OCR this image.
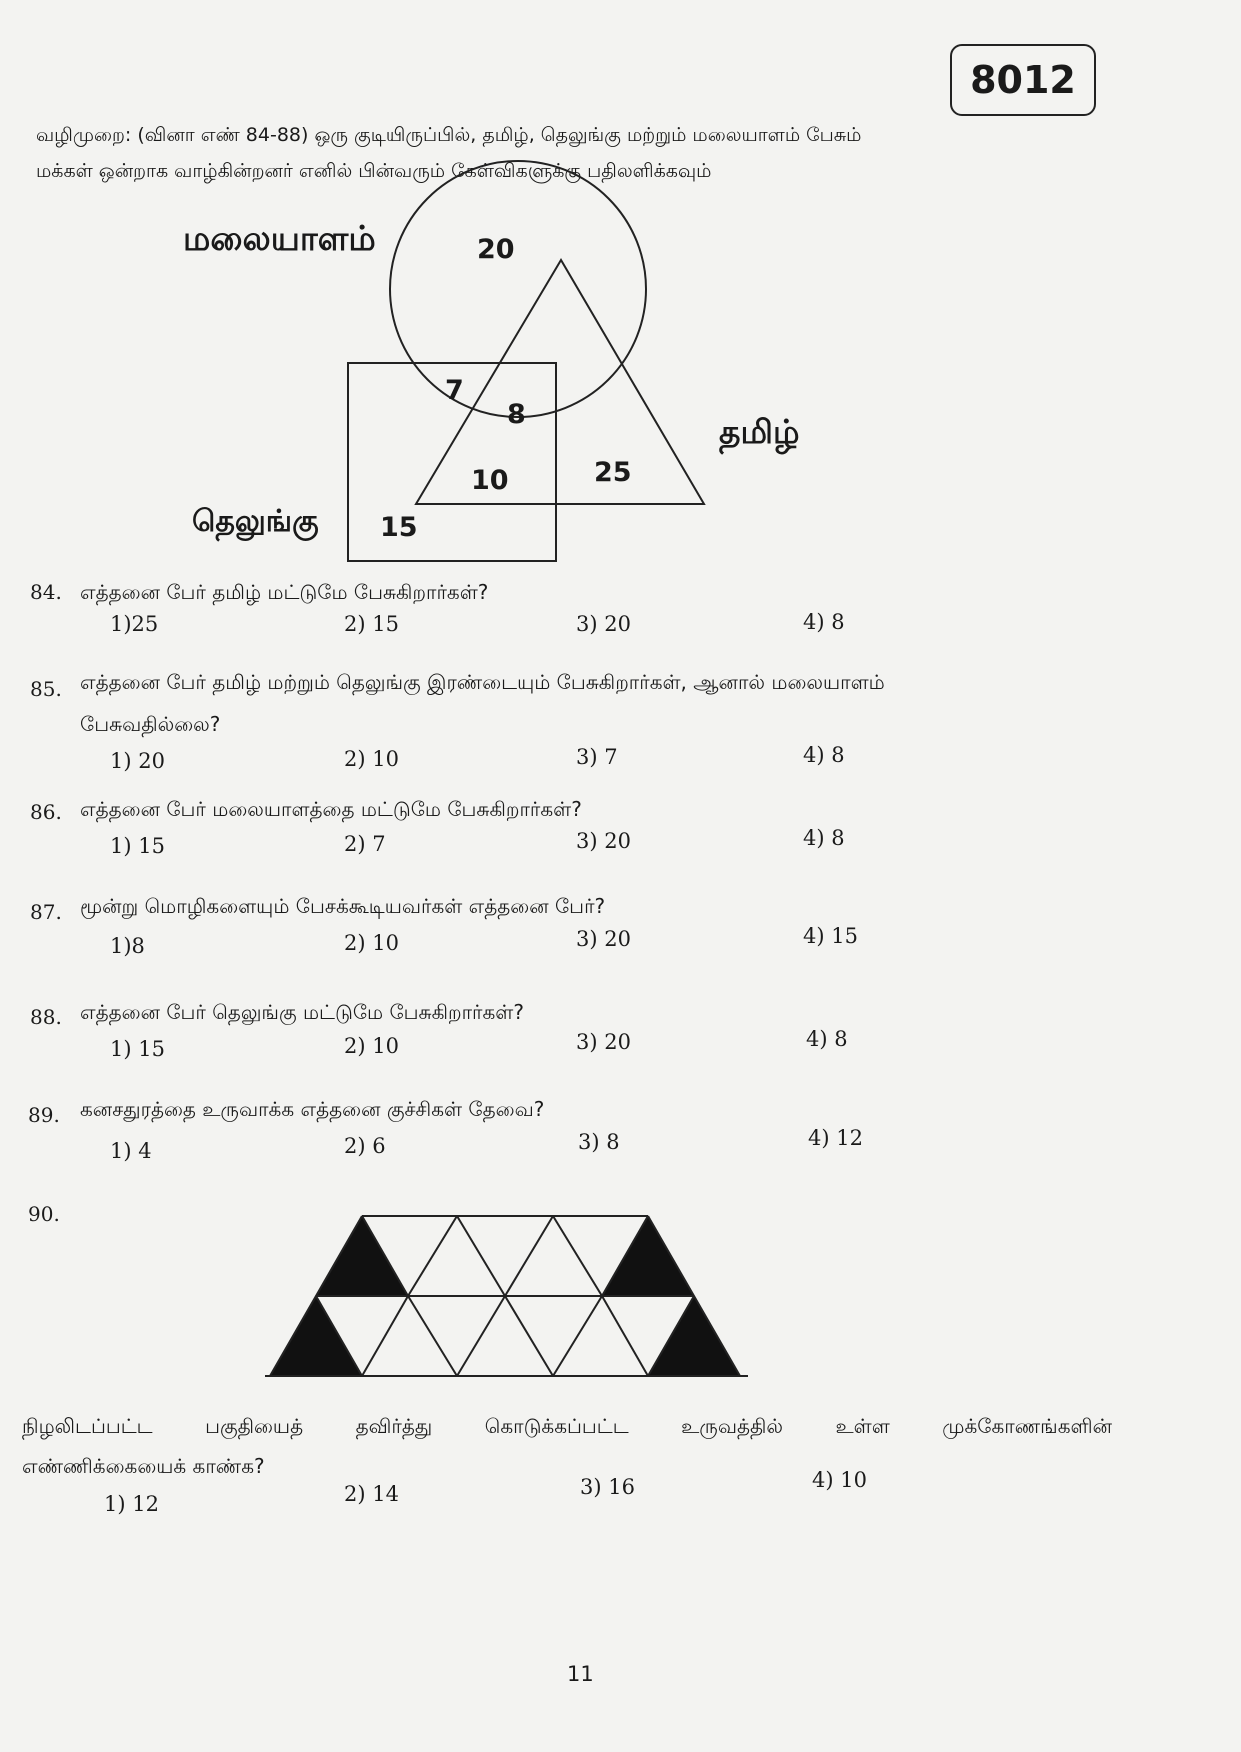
8012
வழிமுறை: (வினா எண் 84-88) ஒரு குடியிருப்பில், தமிழ், தெலுங்கு மற்றும் மலையாளம் பேசும்
மக்கள் ஒன்றாக வாழ்கின்றனர் எனில் பின்வரும் கேள்விகளுக்கு பதிலளிக்கவும்
மலையாளம்
தமிழ்
தெலுங்கு
20
7
8
10	25
15
84. எத்தனை பேர் தமிழ் மட்டுமே பேசுகிறார்கள்?
1)25	2) 15	3) 20	4) 8
85. எத்தனை பேர் தமிழ் மற்றும் தெலுங்கு இரண்டையும் பேசுகிறார்கள், ஆனால் மலையாளம்
பேசுவதில்லை?
1) 20	2) 10	3) 7	4) 8
86. எத்தனை பேர் மலையாளத்தை மட்டுமே பேசுகிறார்கள்?
1) 15	2) 7	3) 20	4) 8
87. மூன்று மொழிகளையும் பேசக்கூடியவர்கள் எத்தனை பேர்?
1)8	2) 10	3) 20	4) 15
88. எத்தனை பேர் தெலுங்கு மட்டுமே பேசுகிறார்கள்?
1) 15	2) 10	3) 20	4) 8
89. கனசதுரத்தை உருவாக்க எத்தனை குச்சிகள் தேவை?
1) 4	2) 6	3) 8	4) 12
90.
நிழலிடப்பட்ட பகுதியைத் தவிர்த்து கொடுக்கப்பட்ட உருவத்தில் உள்ள முக்கோணங்களின்
எண்ணிக்கையைக் காண்க?
1) 12	2) 14	3) 16	4) 10
11
